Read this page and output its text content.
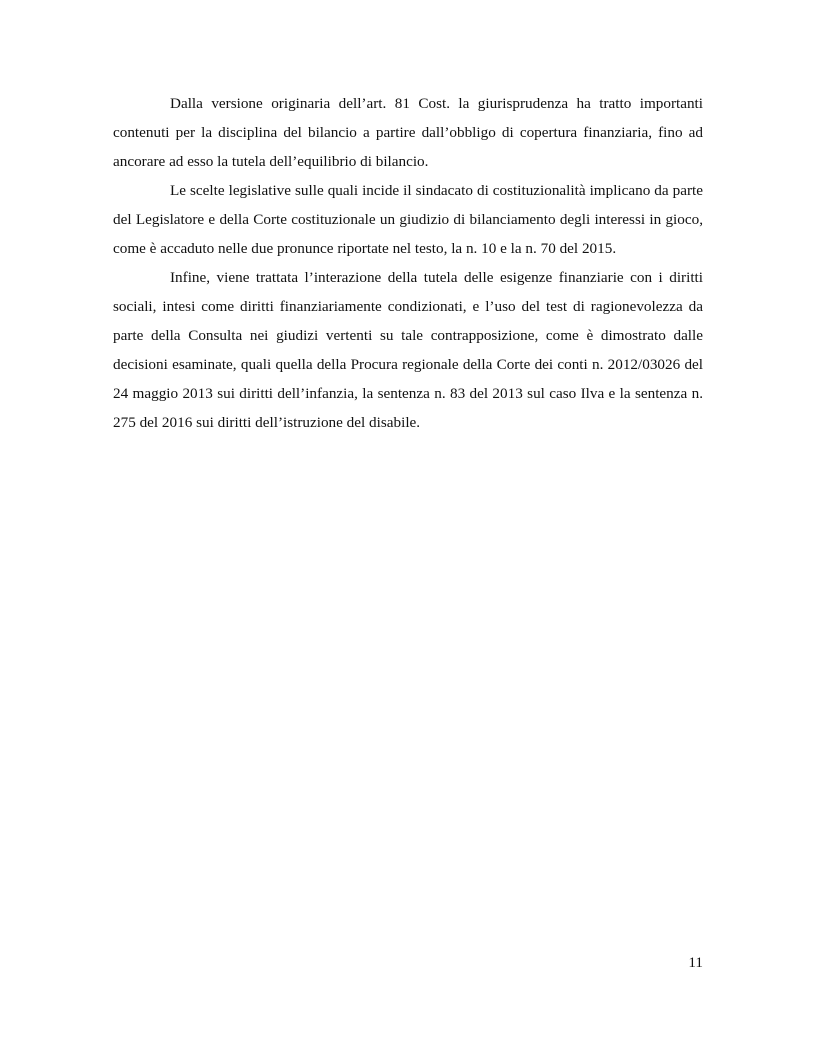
Dalla versione originaria dell’art. 81 Cost. la giurisprudenza ha tratto importanti contenuti per la disciplina del bilancio a partire dall’obbligo di copertura finanziaria, fino ad ancorare ad esso la tutela dell’equilibrio di bilancio.

Le scelte legislative sulle quali incide il sindacato di costituzionalità implicano da parte del Legislatore e della Corte costituzionale un giudizio di bilanciamento degli interessi in gioco, come è accaduto nelle due pronunce riportate nel testo, la n. 10 e la n. 70 del 2015.

Infine, viene trattata l’interazione della tutela delle esigenze finanziarie con i diritti sociali, intesi come diritti finanziariamente condizionati, e l’uso del test di ragionevolezza da parte della Consulta nei giudizi vertenti su tale contrapposizione, come è dimostrato dalle decisioni esaminate, quali quella della Procura regionale della Corte dei conti n. 2012/03026 del 24 maggio 2013 sui diritti dell’infanzia, la sentenza n. 83 del 2013 sul caso Ilva e la sentenza n. 275 del 2016 sui diritti dell’istruzione del disabile.

11
